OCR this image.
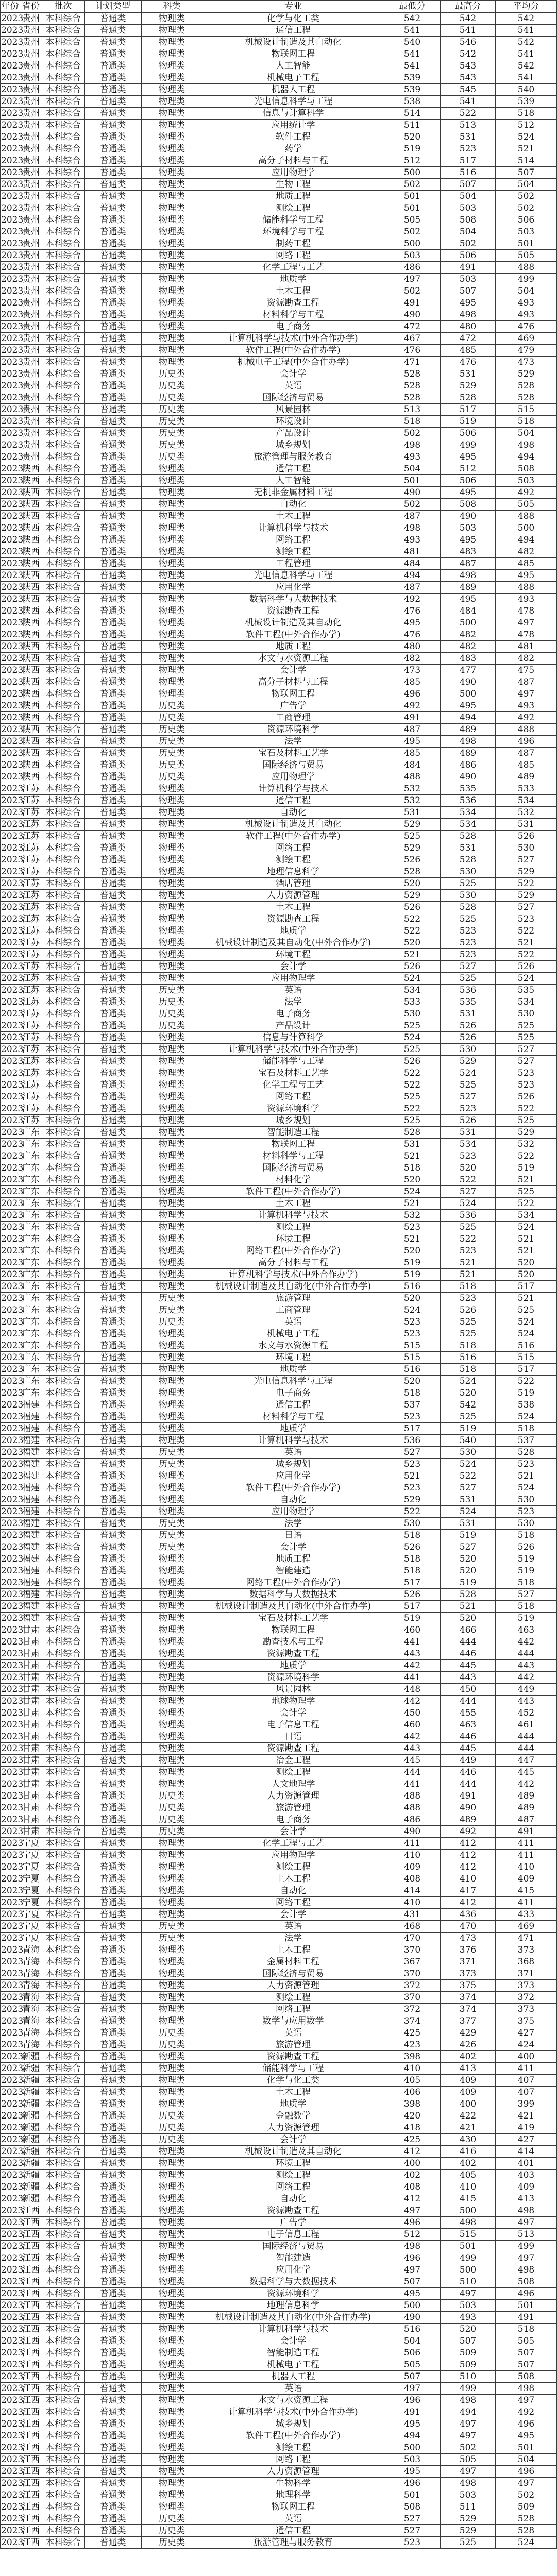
年份	省份	批次	计划类型	科类	专业	最低分	最高分	平均分
2023	贵州	本科综合	普通类	物理类	化学与化工类	542	542	542
2023	贵州	本科综合	普通类	物理类	通信工程	541	541	541
2023	贵州	本科综合	普通类	物理类	机械设计制造及其自动化	540	546	542
2023	贵州	本科综合	普通类	物理类	物联网工程	541	542	541
2023	贵州	本科综合	普通类	物理类	人工智能	541	543	542
2023	贵州	本科综合	普通类	物理类	机械电子工程	539	543	541
2023	贵州	本科综合	普通类	物理类	机器人工程	539	545	540
2023	贵州	本科综合	普通类	物理类	光电信息科学与工程	538	541	539
2023	贵州	本科综合	普通类	物理类	信息与计算科学	514	522	518
2023	贵州	本科综合	普通类	物理类	应用统计学	511	513	512
2023	贵州	本科综合	普通类	物理类	软件工程	520	531	524
2023	贵州	本科综合	普通类	物理类	药学	519	523	521
2023	贵州	本科综合	普通类	物理类	高分子材料与工程	512	517	514
2023	贵州	本科综合	普通类	物理类	应用物理学	500	516	507
2023	贵州	本科综合	普通类	物理类	生物工程	502	507	504
2023	贵州	本科综合	普通类	物理类	地质工程	501	504	502
2023	贵州	本科综合	普通类	物理类	测绘工程	501	503	502
2023	贵州	本科综合	普通类	物理类	储能科学与工程	505	508	506
2023	贵州	本科综合	普通类	物理类	环境科学与工程	502	504	503
2023	贵州	本科综合	普通类	物理类	制药工程	500	502	501
2023	贵州	本科综合	普通类	物理类	网络工程	503	506	505
2023	贵州	本科综合	普通类	物理类	化学工程与工艺	486	491	488
2023	贵州	本科综合	普通类	物理类	地质学	497	503	499
2023	贵州	本科综合	普通类	物理类	土木工程	502	507	504
2023	贵州	本科综合	普通类	物理类	资源勘查工程	491	495	493
2023	贵州	本科综合	普通类	物理类	材料科学与工程	490	498	493
2023	贵州	本科综合	普通类	物理类	电子商务	472	480	476
2023	贵州	本科综合	普通类	物理类	计算机科学与技术(中外合作办学)	467	472	469
2023	贵州	本科综合	普通类	物理类	软件工程(中外合作办学)	476	485	479
2023	贵州	本科综合	普通类	物理类	机械电子工程(中外合作办学)	471	476	473
2023	贵州	本科综合	普通类	历史类	会计学	528	531	529
2023	贵州	本科综合	普通类	历史类	英语	528	529	528
2023	贵州	本科综合	普通类	历史类	国际经济与贸易	528	528	528
2023	贵州	本科综合	普通类	历史类	风景园林	513	517	515
2023	贵州	本科综合	普通类	历史类	环境设计	518	519	518
2023	贵州	本科综合	普通类	历史类	产品设计	502	506	504
2023	贵州	本科综合	普通类	历史类	城乡规划	498	499	498
2023	贵州	本科综合	普通类	历史类	旅游管理与服务教育	493	495	494
2023	陕西	本科综合	普通类	物理类	通信工程	504	512	508
2023	陕西	本科综合	普通类	物理类	人工智能	501	506	503
2023	陕西	本科综合	普通类	物理类	无机非金属材料工程	490	495	492
2023	陕西	本科综合	普通类	物理类	自动化	502	508	505
2023	陕西	本科综合	普通类	物理类	土木工程	487	490	488
2023	陕西	本科综合	普通类	物理类	计算机科学与技术	498	503	500
2023	陕西	本科综合	普通类	物理类	网络工程	493	495	494
2023	陕西	本科综合	普通类	物理类	测绘工程	481	483	482
2023	陕西	本科综合	普通类	物理类	工程管理	484	487	485
2023	陕西	本科综合	普通类	物理类	光电信息科学与工程	494	498	495
2023	陕西	本科综合	普通类	物理类	应用化学	487	489	488
2023	陕西	本科综合	普通类	物理类	数据科学与大数据技术	492	495	493
2023	陕西	本科综合	普通类	物理类	资源勘查工程	476	484	478
2023	陕西	本科综合	普通类	物理类	机械设计制造及其自动化	495	500	497
2023	陕西	本科综合	普通类	物理类	软件工程(中外合作办学)	476	482	478
2023	陕西	本科综合	普通类	物理类	地质工程	480	482	481
2023	陕西	本科综合	普通类	物理类	水文与水资源工程	482	483	482
2023	陕西	本科综合	普通类	物理类	会计学	473	477	475
2023	陕西	本科综合	普通类	物理类	高分子材料与工程	485	490	487
2023	陕西	本科综合	普通类	物理类	物联网工程	496	500	497
2023	陕西	本科综合	普通类	历史类	广告学	492	495	493
2023	陕西	本科综合	普通类	历史类	工商管理	491	494	492
2023	陕西	本科综合	普通类	历史类	资源环境科学	487	489	488
2023	陕西	本科综合	普通类	历史类	法学	495	498	496
2023	陕西	本科综合	普通类	历史类	宝石及材料工艺学	485	489	487
2023	陕西	本科综合	普通类	历史类	国际经济与贸易	484	486	485
2023	陕西	本科综合	普通类	历史类	应用物理学	488	490	489
2023	江苏	本科综合	普通类	物理类	计算机科学与技术	532	535	533
2023	江苏	本科综合	普通类	物理类	通信工程	532	536	534
2023	江苏	本科综合	普通类	物理类	自动化	531	534	532
2023	江苏	本科综合	普通类	物理类	机械设计制造及其自动化	529	534	531
2023	江苏	本科综合	普通类	物理类	软件工程(中外合作办学)	525	528	526
2023	江苏	本科综合	普通类	物理类	网络工程	529	531	530
2023	江苏	本科综合	普通类	物理类	测绘工程	526	528	527
2023	江苏	本科综合	普通类	物理类	地理信息科学	528	530	529
2023	江苏	本科综合	普通类	物理类	酒店管理	520	525	522
2023	江苏	本科综合	普通类	物理类	人力资源管理	529	530	529
2023	江苏	本科综合	普通类	物理类	土木工程	526	528	527
2023	江苏	本科综合	普通类	物理类	资源勘查工程	522	525	523
2023	江苏	本科综合	普通类	物理类	地质学	522	523	522
2023	江苏	本科综合	普通类	物理类	机械设计制造及其自动化(中外合作办学)	520	523	521
2023	江苏	本科综合	普通类	物理类	环境工程	521	523	522
2023	江苏	本科综合	普通类	物理类	会计学	526	527	526
2023	江苏	本科综合	普通类	物理类	应用物理学	524	525	524
2023	江苏	本科综合	普通类	历史类	英语	534	536	535
2023	江苏	本科综合	普通类	历史类	法学	533	535	534
2023	江苏	本科综合	普通类	历史类	电子商务	530	531	530
2023	江苏	本科综合	普通类	历史类	产品设计	525	526	525
2023	江苏	本科综合	普通类	物理类	信息与计算科学	524	526	525
2023	江苏	本科综合	普通类	物理类	计算机科学与技术(中外合作办学)	525	530	527
2023	江苏	本科综合	普通类	物理类	储能科学与工程	526	529	527
2023	江苏	本科综合	普通类	物理类	宝石及材料工艺学	522	524	523
2023	江苏	本科综合	普通类	物理类	化学工程与工艺	522	525	523
2023	江苏	本科综合	普通类	物理类	网络工程	525	527	526
2023	江苏	本科综合	普通类	物理类	资源环境科学	522	523	522
2023	江苏	本科综合	普通类	物理类	城乡规划	525	526	525
2023	广东	本科综合	普通类	物理类	智能制造工程	528	531	529
2023	广东	本科综合	普通类	物理类	物联网工程	531	534	532
2023	广东	本科综合	普通类	物理类	材料科学与工程	521	523	522
2023	广东	本科综合	普通类	物理类	国际经济与贸易	518	520	519
2023	广东	本科综合	普通类	物理类	材料化学	520	522	521
2023	广东	本科综合	普通类	物理类	软件工程(中外合作办学)	524	527	525
2023	广东	本科综合	普通类	物理类	土木工程	521	524	522
2023	广东	本科综合	普通类	物理类	计算机科学与技术	532	536	534
2023	广东	本科综合	普通类	物理类	测绘工程	523	525	524
2023	广东	本科综合	普通类	物理类	环境工程	521	522	521
2023	广东	本科综合	普通类	物理类	网络工程(中外合作办学)	520	523	521
2023	广东	本科综合	普通类	物理类	高分子材料与工程	519	521	520
2023	广东	本科综合	普通类	物理类	计算机科学与技术(中外合作办学)	519	521	520
2023	广东	本科综合	普通类	物理类	机械设计制造及其自动化(中外合作办学)	516	518	517
2023	广东	本科综合	普通类	历史类	旅游管理	520	523	521
2023	广东	本科综合	普通类	历史类	工商管理	524	526	525
2023	广东	本科综合	普通类	历史类	英语	523	525	524
2023	广东	本科综合	普通类	物理类	机械电子工程	523	525	524
2023	广东	本科综合	普通类	物理类	水文与水资源工程	515	518	516
2023	广东	本科综合	普通类	物理类	环境工程	515	516	515
2023	广东	本科综合	普通类	物理类	地质学	516	518	517
2023	广东	本科综合	普通类	物理类	光电信息科学与工程	520	524	522
2023	广东	本科综合	普通类	物理类	电子商务	518	520	519
2023	福建	本科综合	普通类	物理类	通信工程	537	542	538
2023	福建	本科综合	普通类	物理类	材料科学与工程	523	525	524
2023	福建	本科综合	普通类	物理类	地质学	517	519	518
2023	福建	本科综合	普通类	物理类	计算机科学与技术	536	540	537
2023	福建	本科综合	普通类	历史类	英语	527	530	528
2023	福建	本科综合	普通类	历史类	城乡规划	523	524	523
2023	福建	本科综合	普通类	物理类	应用化学	521	522	521
2023	福建	本科综合	普通类	物理类	软件工程(中外合作办学)	523	527	524
2023	福建	本科综合	普通类	物理类	自动化	529	531	530
2023	福建	本科综合	普通类	物理类	应用物理学	522	524	523
2023	福建	本科综合	普通类	历史类	法学	530	531	530
2023	福建	本科综合	普通类	历史类	日语	518	519	518
2023	福建	本科综合	普通类	历史类	会计学	526	527	526
2023	福建	本科综合	普通类	物理类	地质工程	518	520	519
2023	福建	本科综合	普通类	物理类	智能建造	518	520	519
2023	福建	本科综合	普通类	物理类	网络工程(中外合作办学)	517	519	518
2023	福建	本科综合	普通类	物理类	数据科学与大数据技术	526	528	527
2023	福建	本科综合	普通类	物理类	机械设计制造及其自动化(中外合作办学)	517	521	518
2023	福建	本科综合	普通类	物理类	宝石及材料工艺学	519	520	519
2023	甘肃	本科综合	普通类	物理类	物联网工程	460	466	463
2023	甘肃	本科综合	普通类	物理类	勘查技术与工程	441	444	442
2023	甘肃	本科综合	普通类	物理类	资源勘查工程	443	446	444
2023	甘肃	本科综合	普通类	物理类	地质学	442	445	443
2023	甘肃	本科综合	普通类	物理类	资源环境科学	441	443	442
2023	甘肃	本科综合	普通类	物理类	风景园林	448	450	449
2023	甘肃	本科综合	普通类	物理类	地球物理学	442	444	443
2023	甘肃	本科综合	普通类	物理类	会计学	450	455	452
2023	甘肃	本科综合	普通类	物理类	电子信息工程	460	463	461
2023	甘肃	本科综合	普通类	物理类	日语	442	446	444
2023	甘肃	本科综合	普通类	物理类	资源勘查工程	443	445	444
2023	甘肃	本科综合	普通类	物理类	冶金工程	445	449	447
2023	甘肃	本科综合	普通类	物理类	测绘工程	444	446	445
2023	甘肃	本科综合	普通类	物理类	人文地理学	441	444	442
2023	甘肃	本科综合	普通类	历史类	人力资源管理	488	491	489
2023	甘肃	本科综合	普通类	历史类	旅游管理	488	490	489
2023	甘肃	本科综合	普通类	历史类	电子商务	486	489	487
2023	甘肃	本科综合	普通类	历史类	会计学	490	492	491
2023	宁夏	本科综合	普通类	物理类	化学工程与工艺	411	412	411
2023	宁夏	本科综合	普通类	物理类	应用物理学	410	412	411
2023	宁夏	本科综合	普通类	物理类	测绘工程	409	412	410
2023	宁夏	本科综合	普通类	物理类	土木工程	408	410	409
2023	宁夏	本科综合	普通类	物理类	自动化	414	417	415
2023	宁夏	本科综合	普通类	物理类	网络工程	410	412	411
2023	宁夏	本科综合	普通类	物理类	会计学	431	436	433
2023	宁夏	本科综合	普通类	历史类	英语	468	470	469
2023	宁夏	本科综合	普通类	历史类	法学	470	473	471
2023	青海	本科综合	普通类	物理类	土木工程	370	376	373
2023	青海	本科综合	普通类	物理类	金属材料工程	367	371	368
2023	青海	本科综合	普通类	物理类	国际经济与贸易	370	373	371
2023	青海	本科综合	普通类	物理类	人力资源管理	372	375	373
2023	青海	本科综合	普通类	物理类	测绘工程	370	374	372
2023	青海	本科综合	普通类	物理类	网络工程	372	374	373
2023	青海	本科综合	普通类	物理类	数学与应用数学	374	377	375
2023	青海	本科综合	普通类	历史类	英语	425	429	427
2023	青海	本科综合	普通类	历史类	旅游管理	423	426	424
2023	新疆	本科综合	普通类	物理类	资源勘查工程	398	402	400
2023	新疆	本科综合	普通类	物理类	储能科学与工程	410	413	411
2023	新疆	本科综合	普通类	物理类	化学与化工类	405	409	407
2023	新疆	本科综合	普通类	物理类	土木工程	406	409	407
2023	新疆	本科综合	普通类	物理类	地质学	398	400	399
2023	新疆	本科综合	普通类	历史类	金融数学	420	422	421
2023	新疆	本科综合	普通类	历史类	人力资源管理	418	421	419
2023	新疆	本科综合	普通类	历史类	会计学	425	430	427
2023	新疆	本科综合	普通类	物理类	机械设计制造及其自动化	412	416	414
2023	新疆	本科综合	普通类	物理类	环境工程	400	402	401
2023	新疆	本科综合	普通类	物理类	测绘工程	402	405	403
2023	新疆	本科综合	普通类	物理类	网络工程	408	410	409
2023	新疆	本科综合	普通类	物理类	自动化	412	415	413
2023	江西	本科综合	普通类	物理类	资源勘查工程	497	500	498
2023	江西	本科综合	普通类	物理类	广告学	496	498	497
2023	江西	本科综合	普通类	物理类	电子信息工程	512	515	513
2023	江西	本科综合	普通类	物理类	国际经济与贸易	498	501	499
2023	江西	本科综合	普通类	物理类	智能建造	496	499	497
2023	江西	本科综合	普通类	物理类	应用化学	497	500	498
2023	江西	本科综合	普通类	物理类	数据科学与大数据技术	507	510	508
2023	江西	本科综合	普通类	物理类	资源环境科学	495	497	496
2023	江西	本科综合	普通类	物理类	地理信息科学	500	503	501
2023	江西	本科综合	普通类	物理类	机械设计制造及其自动化(中外合作办学)	490	493	491
2023	江西	本科综合	普通类	物理类	计算机科学与技术	516	520	518
2023	江西	本科综合	普通类	物理类	会计学	504	507	505
2023	江西	本科综合	普通类	物理类	智能制造工程	506	509	507
2023	江西	本科综合	普通类	物理类	机械电子工程	505	509	507
2023	江西	本科综合	普通类	物理类	机器人工程	507	510	508
2023	江西	本科综合	普通类	物理类	英语	497	499	498
2023	江西	本科综合	普通类	物理类	水文与水资源工程	496	498	497
2023	江西	本科综合	普通类	物理类	计算机科学与技术(中外合作办学)	491	494	492
2023	江西	本科综合	普通类	物理类	城乡规划	495	497	496
2023	江西	本科综合	普通类	物理类	软件工程(中外合作办学)	494	497	495
2023	江西	本科综合	普通类	物理类	测绘工程	500	502	501
2023	江西	本科综合	普通类	物理类	网络工程	503	505	504
2023	江西	本科综合	普通类	物理类	人力资源管理	495	497	496
2023	江西	本科综合	普通类	物理类	生物科学	496	498	497
2023	江西	本科综合	普通类	物理类	地理科学	501	503	502
2023	江西	本科综合	普通类	物理类	物联网工程	508	511	509
2023	江西	本科综合	普通类	历史类	英语	527	529	528
2023	江西	本科综合	普通类	历史类	通信工程	527	529	528
2023	江西	本科综合	普通类	历史类	旅游管理与服务教育	523	525	524
